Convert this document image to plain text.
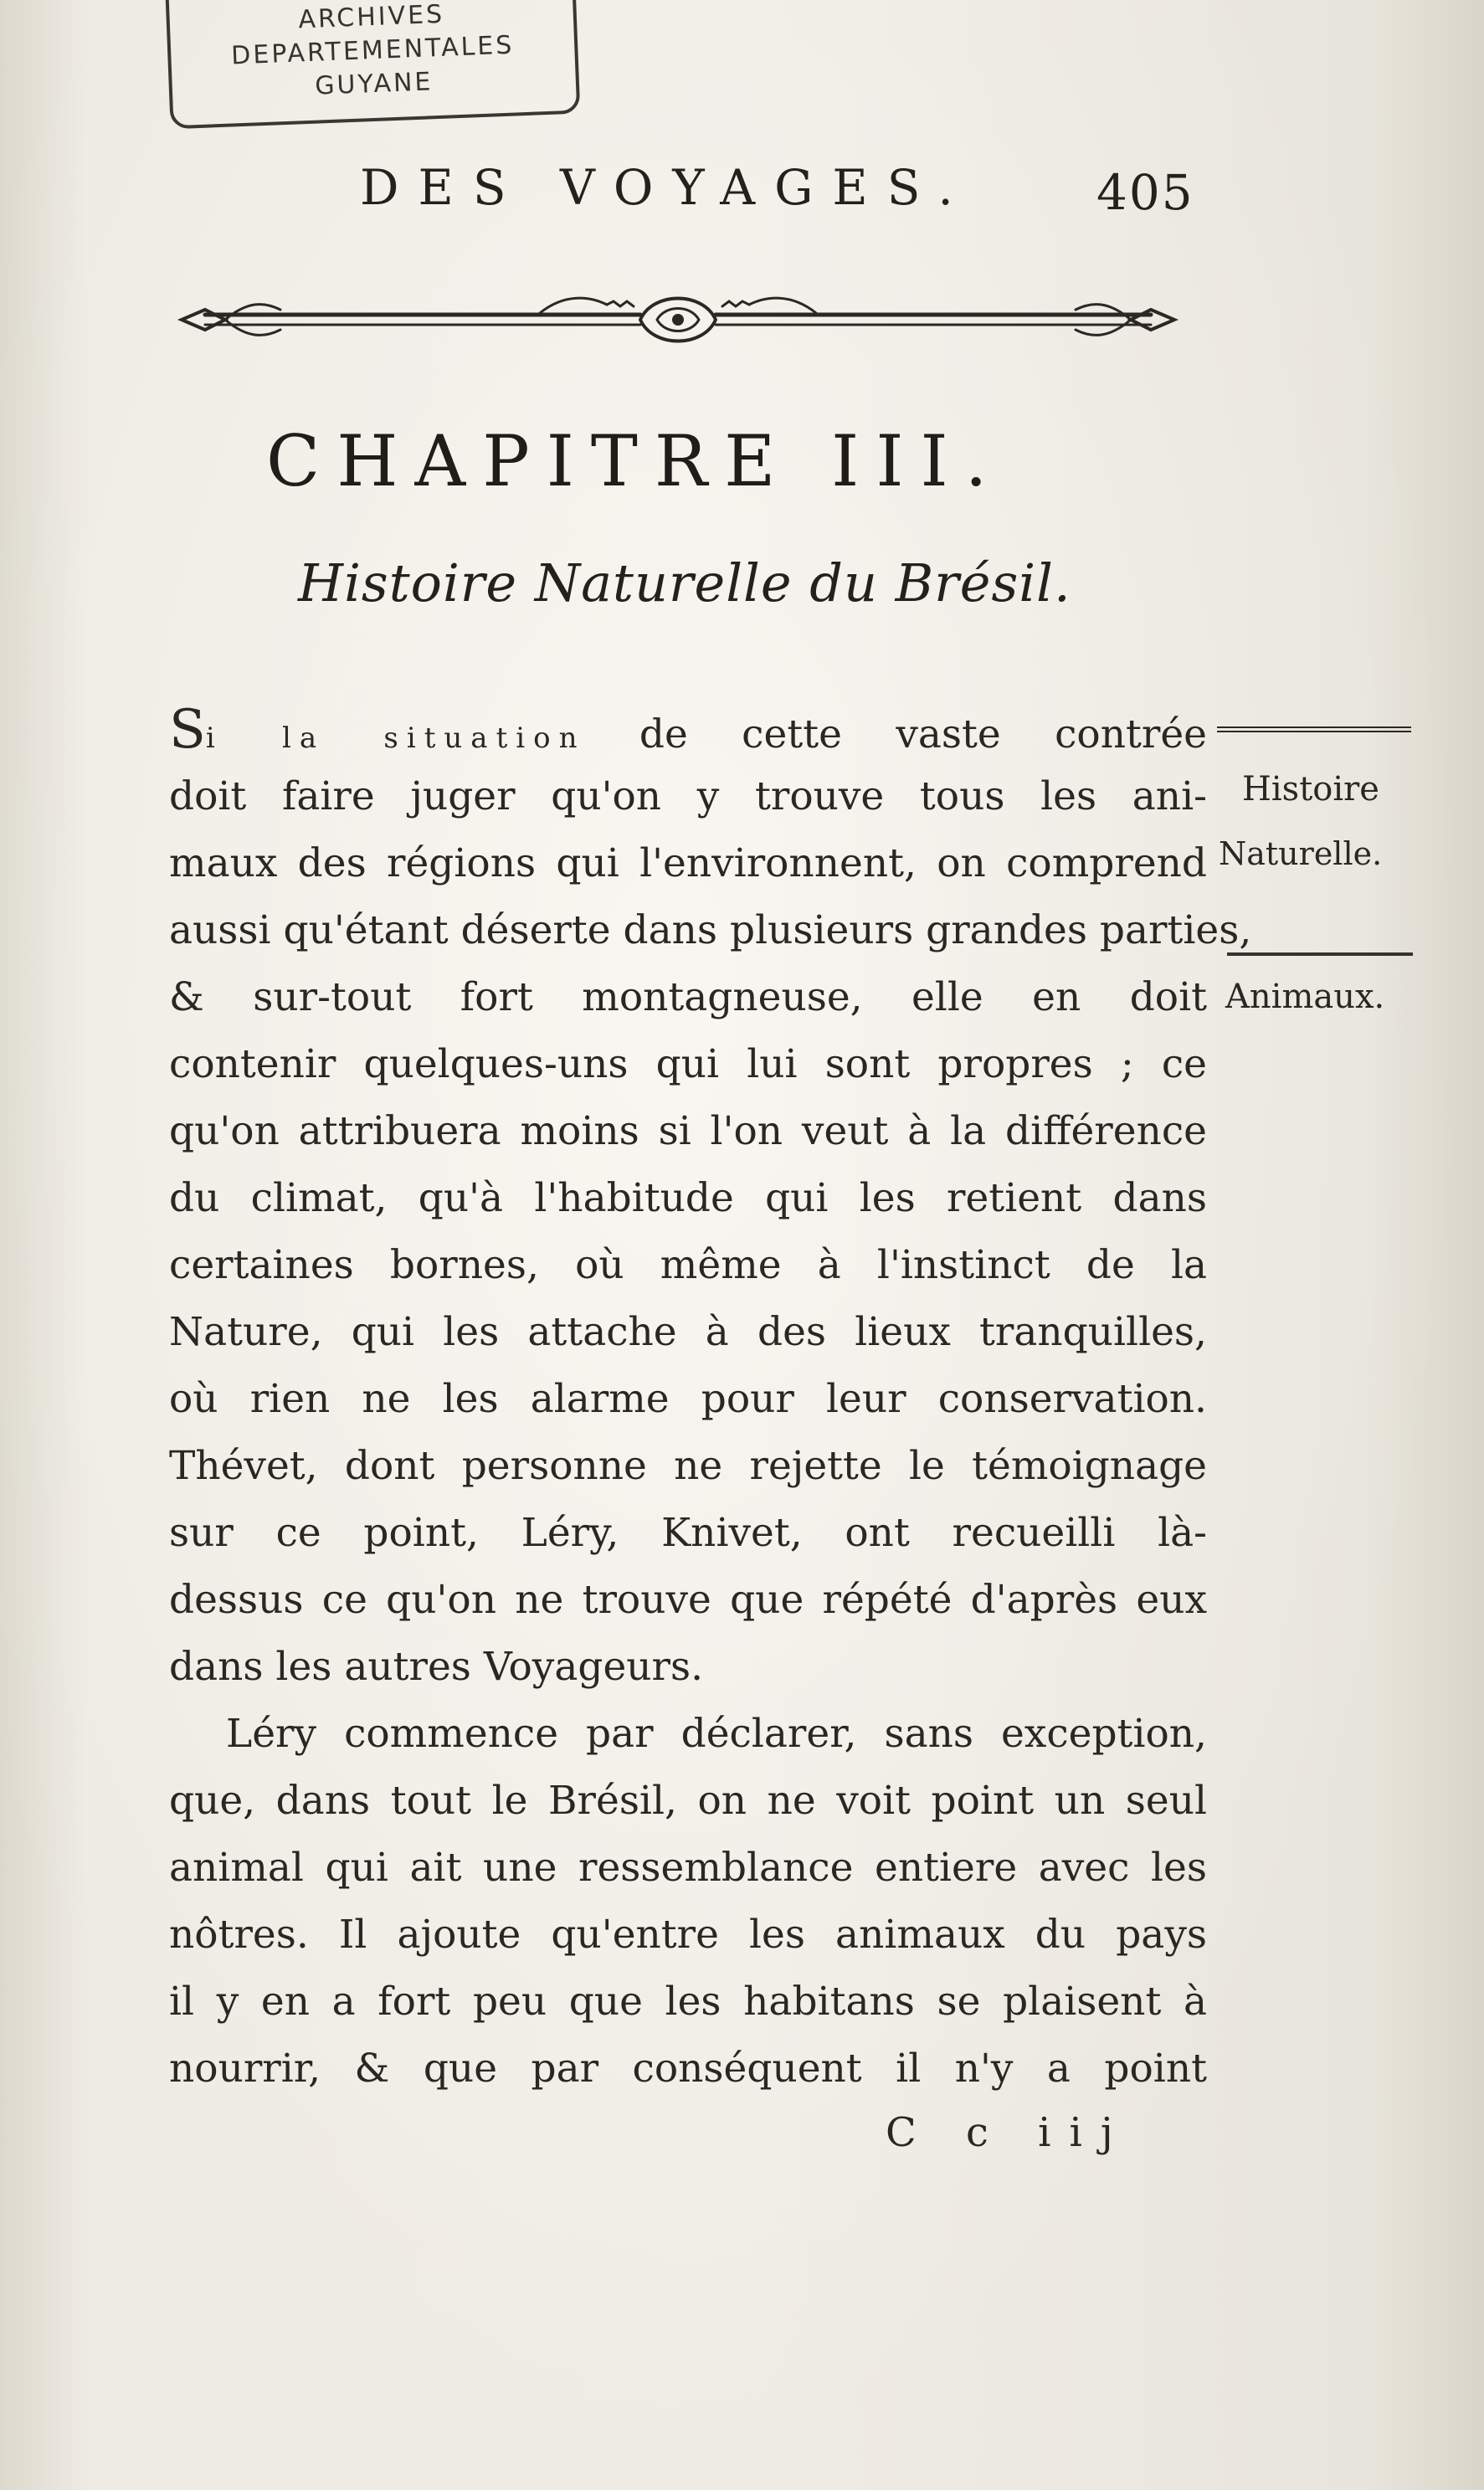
ARCHIVES
DEPARTEMENTALES
GUYANE
DES VOYAGES.	405
CHAPITRE III.
Histoire Naturelle du Brésil.
Si la situation de cette vaste contrée
doit faire juger qu'on y trouve tous les ani-
maux des régions qui l'environnent, on comprend
aussi qu'étant déserte dans plusieurs grandes parties,
& sur-tout fort montagneuse, elle en doit
contenir quelques-uns qui lui sont propres ; ce
qu'on attribuera moins si l'on veut à la différence
du climat, qu'à l'habitude qui les retient dans
certaines bornes, où même à l'instinct de la
Nature, qui les attache à des lieux tranquilles,
où rien ne les alarme pour leur conservation.
Thévet, dont personne ne rejette le témoignage
sur ce point, Léry, Knivet, ont recueilli là-
dessus ce qu'on ne trouve que répété d'après eux
dans les autres Voyageurs.
Léry commence par déclarer, sans exception,
que, dans tout le Brésil, on ne voit point un seul
animal qui ait une ressemblance entiere avec les
nôtres. Il ajoute qu'entre les animaux du pays
il y en a fort peu que les habitans se plaisent à
nourrir, & que par conséquent il n'y a point
Histoire
Naturelle.
Animaux.
C c iij
